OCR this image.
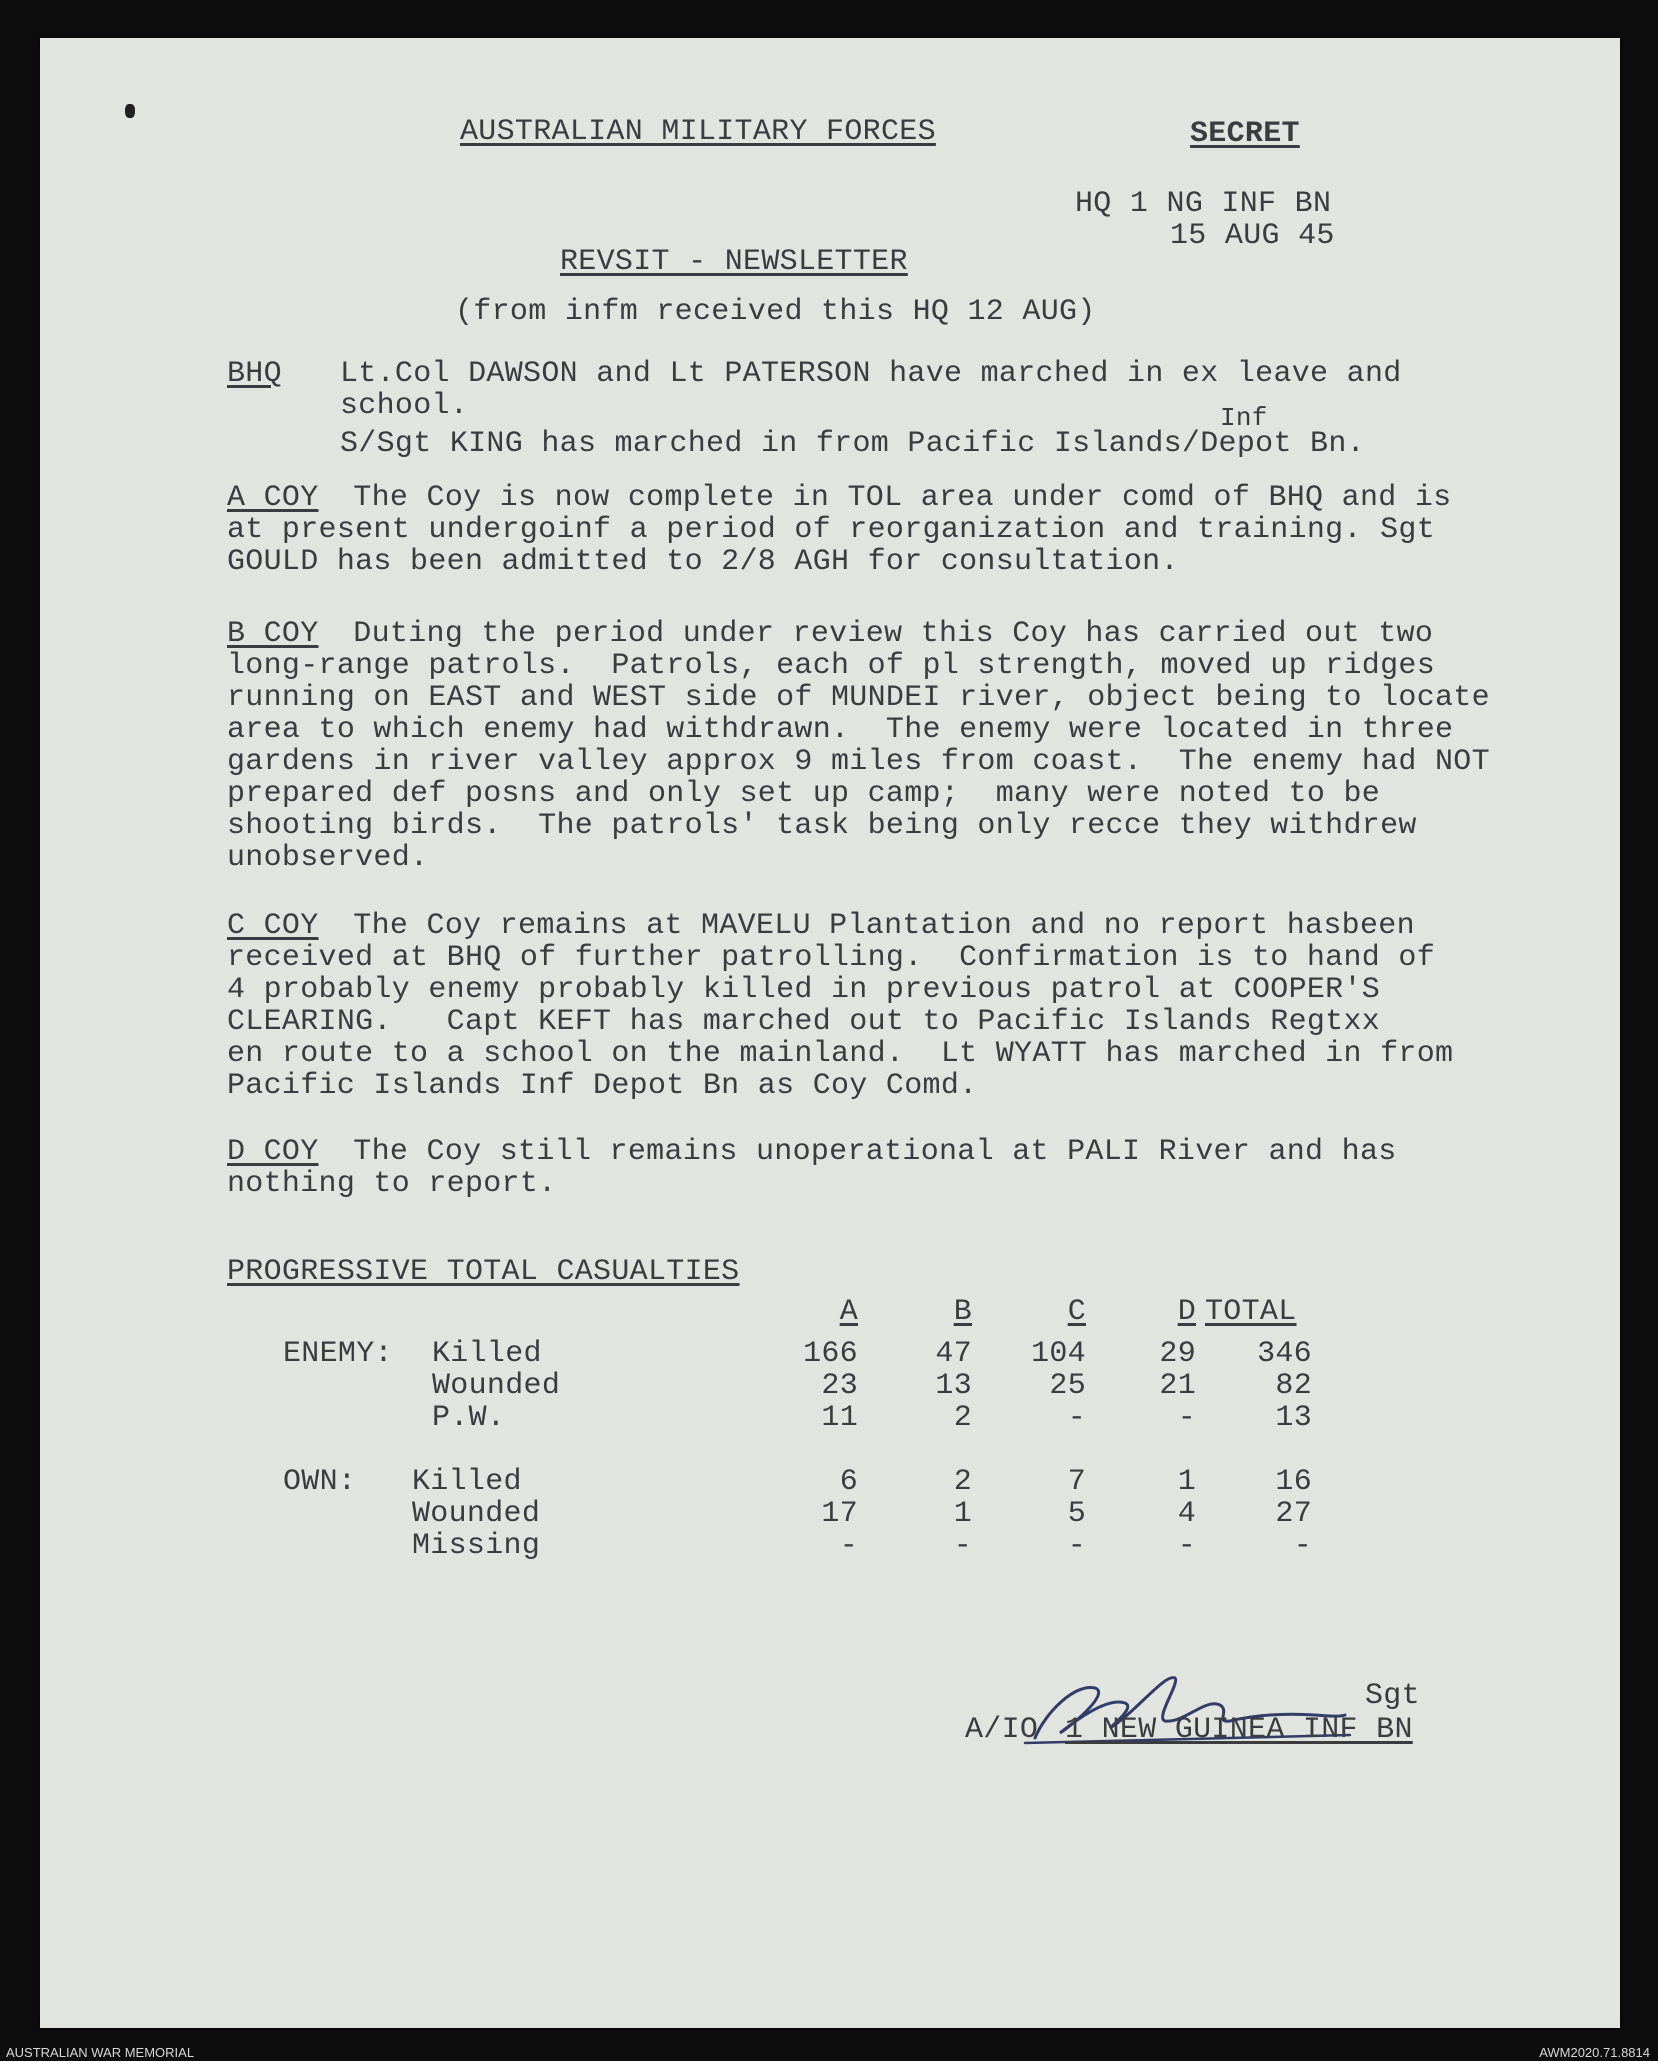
AUSTRALIAN MILITARY FORCES	SECRET
HQ 1 NG INF BN
15 AUG 45
REVSIT - NEWSLETTER
(from infm received this HQ 12 AUG)
BHQ Lt.Col DAWSON and Lt PATERSON have marched in ex leave and
school.	Inf
S/Sgt KING has marched in from Pacific Islands/Depot Bn.
A COY The Coy is now complete in TOL area under comd of BHQ and is
at present undergoinf a period of reorganization and training. Sgt
GOULD has been admitted to 2/8 AGH for consultation.
B COY Duting the period under review this Coy has carried out two
long-range patrols.  Patrols, each of pl strength, moved up ridges
running on EAST and WEST side of MUNDEI river, object being to locate
area to which enemy had withdrawn.  The enemy were located in three
gardens in river valley approx 9 miles from coast.  The enemy had NOT
prepared def posns and only set up camp;  many were noted to be
shooting birds.  The patrols' task being only recce they withdrew
unobserved.
C COY The Coy remains at MAVELU Plantation and no report hasbeen
received at BHQ of further patrolling.  Confirmation is to hand of
4 probably enemy probably killed in previous patrol at COOPER'S
CLEARING.   Capt KEFT has marched out to Pacific Islands Regtxx
en route to a school on the mainland.  Lt WYATT has marched in from
Pacific Islands Inf Depot Bn as Coy Comd.
D COY The Coy still remains unoperational at PALI River and has
nothing to report.
PROGRESSIVE TOTAL CASUALTIES
A	B	C	D TOTAL
ENEMY: Killed	166	47	104	29	346
Wounded	23	13	25	21	82
P.W.	11	2	-	-	13
OWN: Killed	6	2	7	1	16
Wounded	17	1	5	4	27
Missing	-	-	-	-	-
Sgt
A/IO 1 NEW GUINEA INF BN
AUSTRALIAN WAR MEMORIAL	AWM2020.71.8814
